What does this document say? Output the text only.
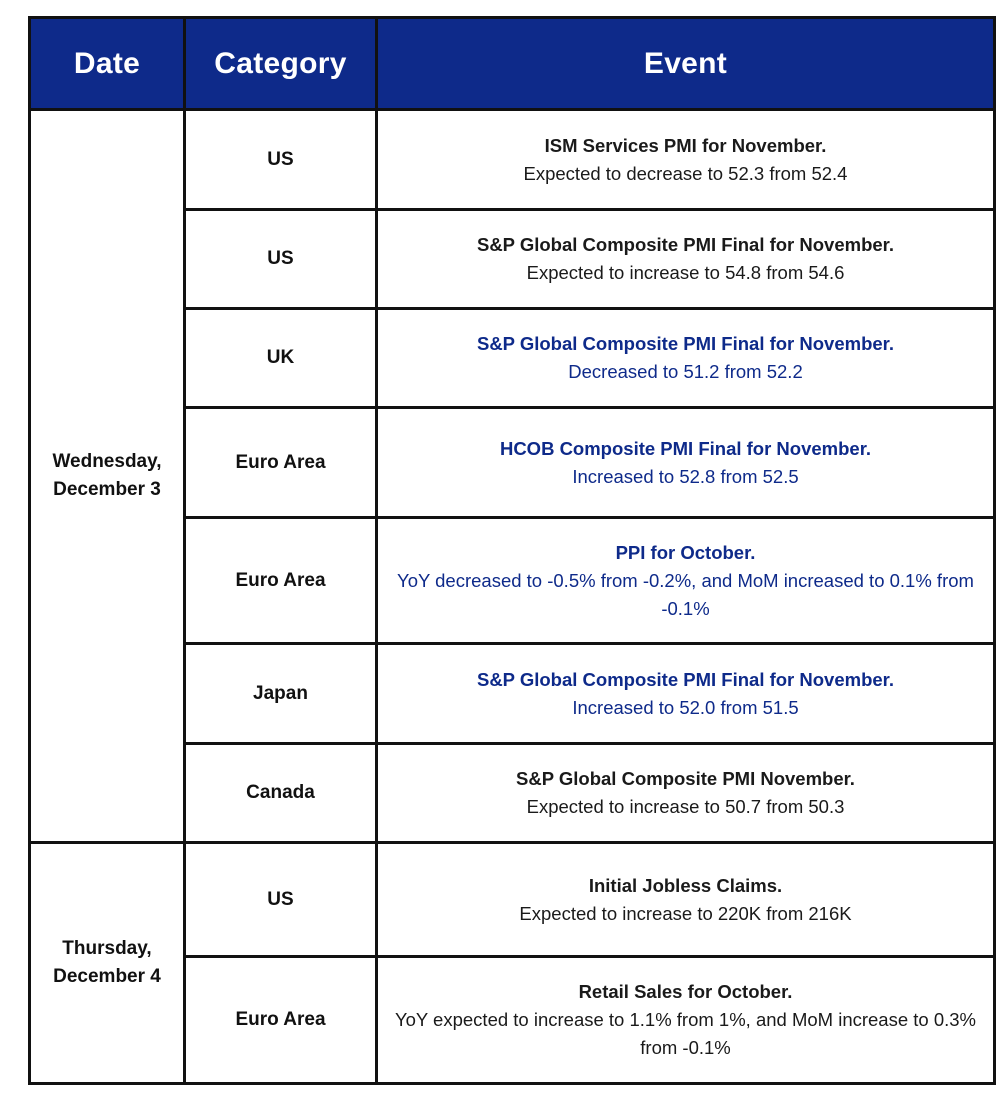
Date	Category	Event
Wednesday,
December 3	US	ISM Services PMI for November.
Expected to decrease to 52.3 from 52.4

	US	S&P Global Composite PMI Final for November.
Expected to increase to 54.8 from 54.6

	UK	S&P Global Composite PMI Final for November.
Decreased to 51.2 from 52.2

	Euro Area	HCOB Composite PMI Final for November.
Increased to 52.8 from 52.5

	Euro Area	PPI for October.
YoY decreased to -0.5% from -0.2%, and MoM increased to 0.1% from -0.1%

	Japan	S&P Global Composite PMI Final for November.
Increased to 52.0 from 51.5

	Canada	S&P Global Composite PMI November.
Expected to increase to 50.7 from 50.3

Thursday,
December 4	US	Initial Jobless Claims.
Expected to increase to 220K from 216K

	Euro Area	Retail Sales for October.
YoY expected to increase to 1.1% from 1%, and MoM increase to 0.3% from -0.1%
